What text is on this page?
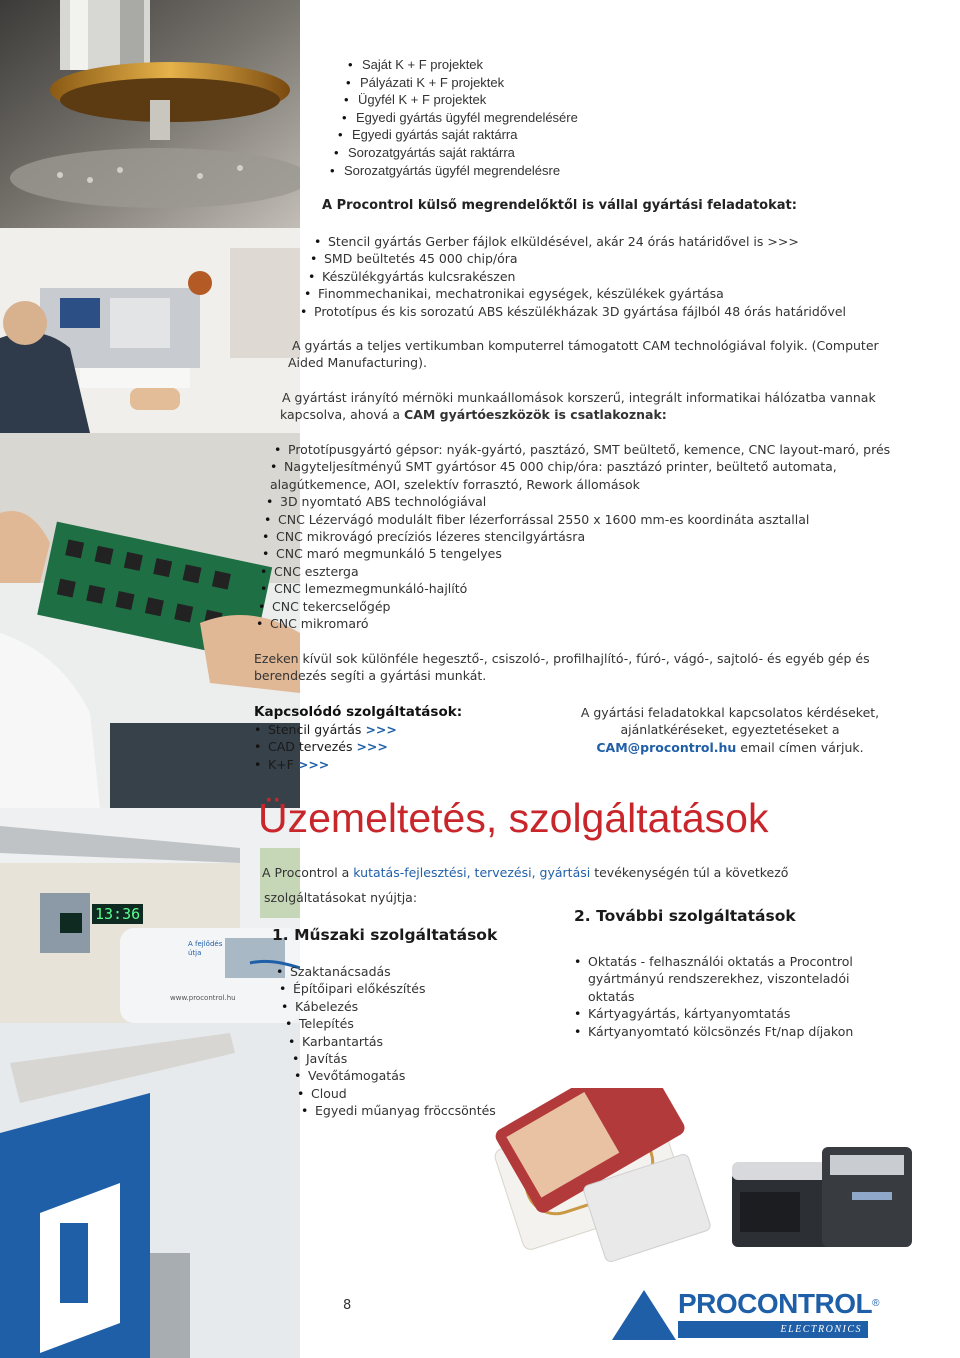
13:36
A fejlődés útja
www.procontrol.hu
• Saját K + F projektek
• Pályázati K + F projektek
• Ügyfél K + F projektek
• Egyedi gyártás ügyfél megrendelésére
• Egyedi gyártás saját raktárra
• Sorozatgyártás saját raktárra
• Sorozatgyártás ügyfél megrendelésre
A Procontrol külső megrendelőktől is vállal gyártási feladatokat:
• Stencil gyártás Gerber fájlok elküldésével, akár 24 órás határidővel is >>>
• SMD beültetés 45 000 chip/óra
• Készülékgyártás kulcsrakészen
• Finommechanikai, mechatronikai egységek, készülékek gyártása
• Prototípus és kis sorozatú ABS készülékházak 3D gyártása fájlból 48 órás határidővel
A gyártás a teljes vertikumban komputerrel támogatott CAM technológiával folyik. (Computer
Aided Manufacturing).
A gyártást irányító mérnöki munkaállomások korszerű, integrált informatikai hálózatba vannak
kapcsolva, ahová a CAM gyártóeszközök is csatlakoznak:
• Prototípusgyártó gépsor: nyák-gyártó, pasztázó, SMT beültető, kemence, CNC layout-maró, prés
• Nagyteljesítményű SMT gyártósor 45 000 chip/óra: pasztázó printer, beültető automata,
alagútkemence, AOI, szelektív forrasztó, Rework állomások
• 3D nyomtató ABS technológiával
• CNC Lézervágó modulált fiber lézerforrással 2550 x 1600 mm-es koordináta asztallal
• CNC mikrovágó precíziós lézeres stencilgyártásra
• CNC maró megmunkáló 5 tengelyes
• CNC eszterga
• CNC lemezmegmunkáló-hajlító
• CNC tekercselőgép
• CNC mikromaró
Ezeken kívül sok különféle hegesztő-, csiszoló-, profilhajlító-, fúró-, vágó-, sajtoló- és egyéb gép és
berendezés segíti a gyártási munkát.
Kapcsolódó szolgáltatások:
• Stencil gyártás >>>
• CAD tervezés >>>
• K+F >>>
A gyártási feladatokkal kapcsolatos kérdéseket,
ajánlatkéréseket, egyeztetéseket a
CAM@procontrol.hu email címen várjuk.
Üzemeltetés, szolgáltatások
A Procontrol a kutatás-fejlesztési, tervezési, gyártási tevékenységén túl a következő
szolgáltatásokat nyújtja:
1. Műszaki szolgáltatások
• Szaktanácsadás
• Építőipari előkészítés
• Kábelezés
• Telepítés
• Karbantartás
• Javítás
• Vevőtámogatás
• Cloud
• Egyedi műanyag fröccsöntés
2. További szolgáltatások
• Oktatás - felhasználói oktatás a Procontrol
gyártmányú rendszerekhez, viszonteladói
oktatás
• Kártyagyártás, kártyanyomtatás
• Kártyanyomtató kölcsönzés Ft/nap díjakon
8	PROCONTROL®
ELECTRONICS
